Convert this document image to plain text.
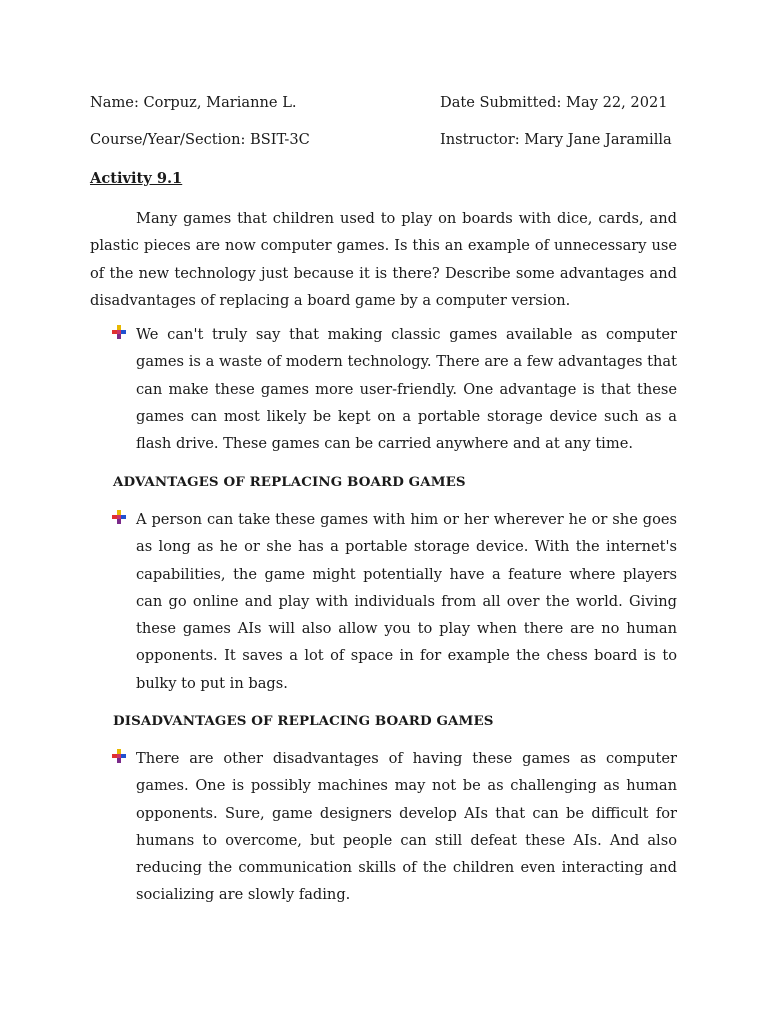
Name: Corpuz, Marianne L.	Date Submitted: May 22, 2021
Course/Year/Section: BSIT-3C	Instructor: Mary Jane Jaramilla
Activity 9.1

Many games that children used to play on boards with dice, cards, and plastic pieces are now computer games. Is this an example of unnecessary use of the new technology just because it is there? Describe some advantages and disadvantages of replacing a board game by a computer version.

We can't truly say that making classic games available as computer games is a waste of modern technology. There are a few advantages that can make these games more user-friendly. One advantage is that these games can most likely be kept on a portable storage device such as a flash drive. These games can be carried anywhere and at any time.

ADVANTAGES OF REPLACING BOARD GAMES

A person can take these games with him or her wherever he or she goes as long as he or she has a portable storage device. With the internet's capabilities, the game might potentially have a feature where players can go online and play with individuals from all over the world. Giving these games AIs will also allow you to play when there are no human opponents. It saves a lot of space in for example the chess board is to bulky to put in bags.

DISADVANTAGES OF REPLACING BOARD GAMES

There are other disadvantages of having these games as computer games. One is possibly machines may not be as challenging as human opponents. Sure, game designers develop AIs that can be difficult for humans to overcome, but people can still defeat these AIs. And also reducing the communication skills of the children even interacting and socializing are slowly fading.
